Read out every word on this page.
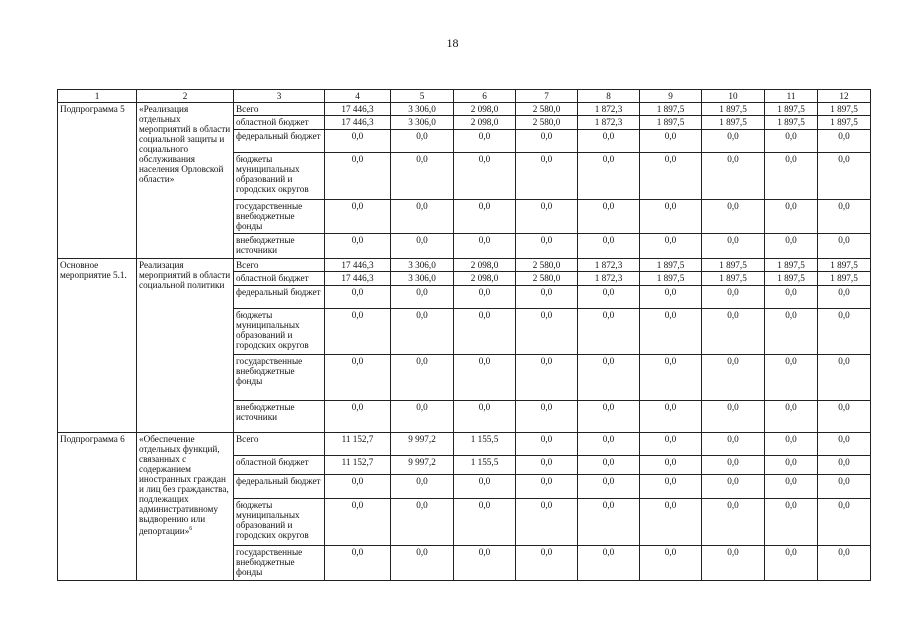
18
1	2	3	4	5	6	7	8	9	10	11	12
Подпрограмма 5	«Реализация отдельных мероприятий в области социальной защиты и социального обслуживания населения Орловской области»	Всего	17 446,3	3 306,0	2 098,0	2 580,0	1 872,3	1 897,5	1 897,5	1 897,5	1 897,5
		областной бюджет	17 446,3	3 306,0	2 098,0	2 580,0	1 872,3	1 897,5	1 897,5	1 897,5	1 897,5
		федеральный бюджет	0,0	0,0	0,0	0,0	0,0	0,0	0,0	0,0	0,0
		бюджеты муниципальных образований и городских округов	0,0	0,0	0,0	0,0	0,0	0,0	0,0	0,0	0,0
		государственные внебюджетные фонды	0,0	0,0	0,0	0,0	0,0	0,0	0,0	0,0	0,0
		внебюджетные источники	0,0	0,0	0,0	0,0	0,0	0,0	0,0	0,0	0,0
Основное мероприятие 5.1.	Реализация мероприятий в области социальной политики	Всего	17 446,3	3 306,0	2 098,0	2 580,0	1 872,3	1 897,5	1 897,5	1 897,5	1 897,5
		областной бюджет	17 446,3	3 306,0	2 098,0	2 580,0	1 872,3	1 897,5	1 897,5	1 897,5	1 897,5
		федеральный бюджет	0,0	0,0	0,0	0,0	0,0	0,0	0,0	0,0	0,0
		бюджеты муниципальных образований и городских округов	0,0	0,0	0,0	0,0	0,0	0,0	0,0	0,0	0,0
		государственные внебюджетные фонды	0,0	0,0	0,0	0,0	0,0	0,0	0,0	0,0	0,0
		внебюджетные источники	0,0	0,0	0,0	0,0	0,0	0,0	0,0	0,0	0,0
Подпрограмма 6	«Обеспечение отдельных функций, связанных с содержанием иностранных граждан и лиц без гражданства, подлежащих административному выдворению или депортации»$^6$	Всего	11 152,7	9 997,2	1 155,5	0,0	0,0	0,0	0,0	0,0	0,0
		областной бюджет	11 152,7	9 997,2	1 155,5	0,0	0,0	0,0	0,0	0,0	0,0
		федеральный бюджет	0,0	0,0	0,0	0,0	0,0	0,0	0,0	0,0	0,0
		бюджеты муниципальных образований и городских округов	0,0	0,0	0,0	0,0	0,0	0,0	0,0	0,0	0,0
		государственные внебюджетные фонды	0,0	0,0	0,0	0,0	0,0	0,0	0,0	0,0	0,0
